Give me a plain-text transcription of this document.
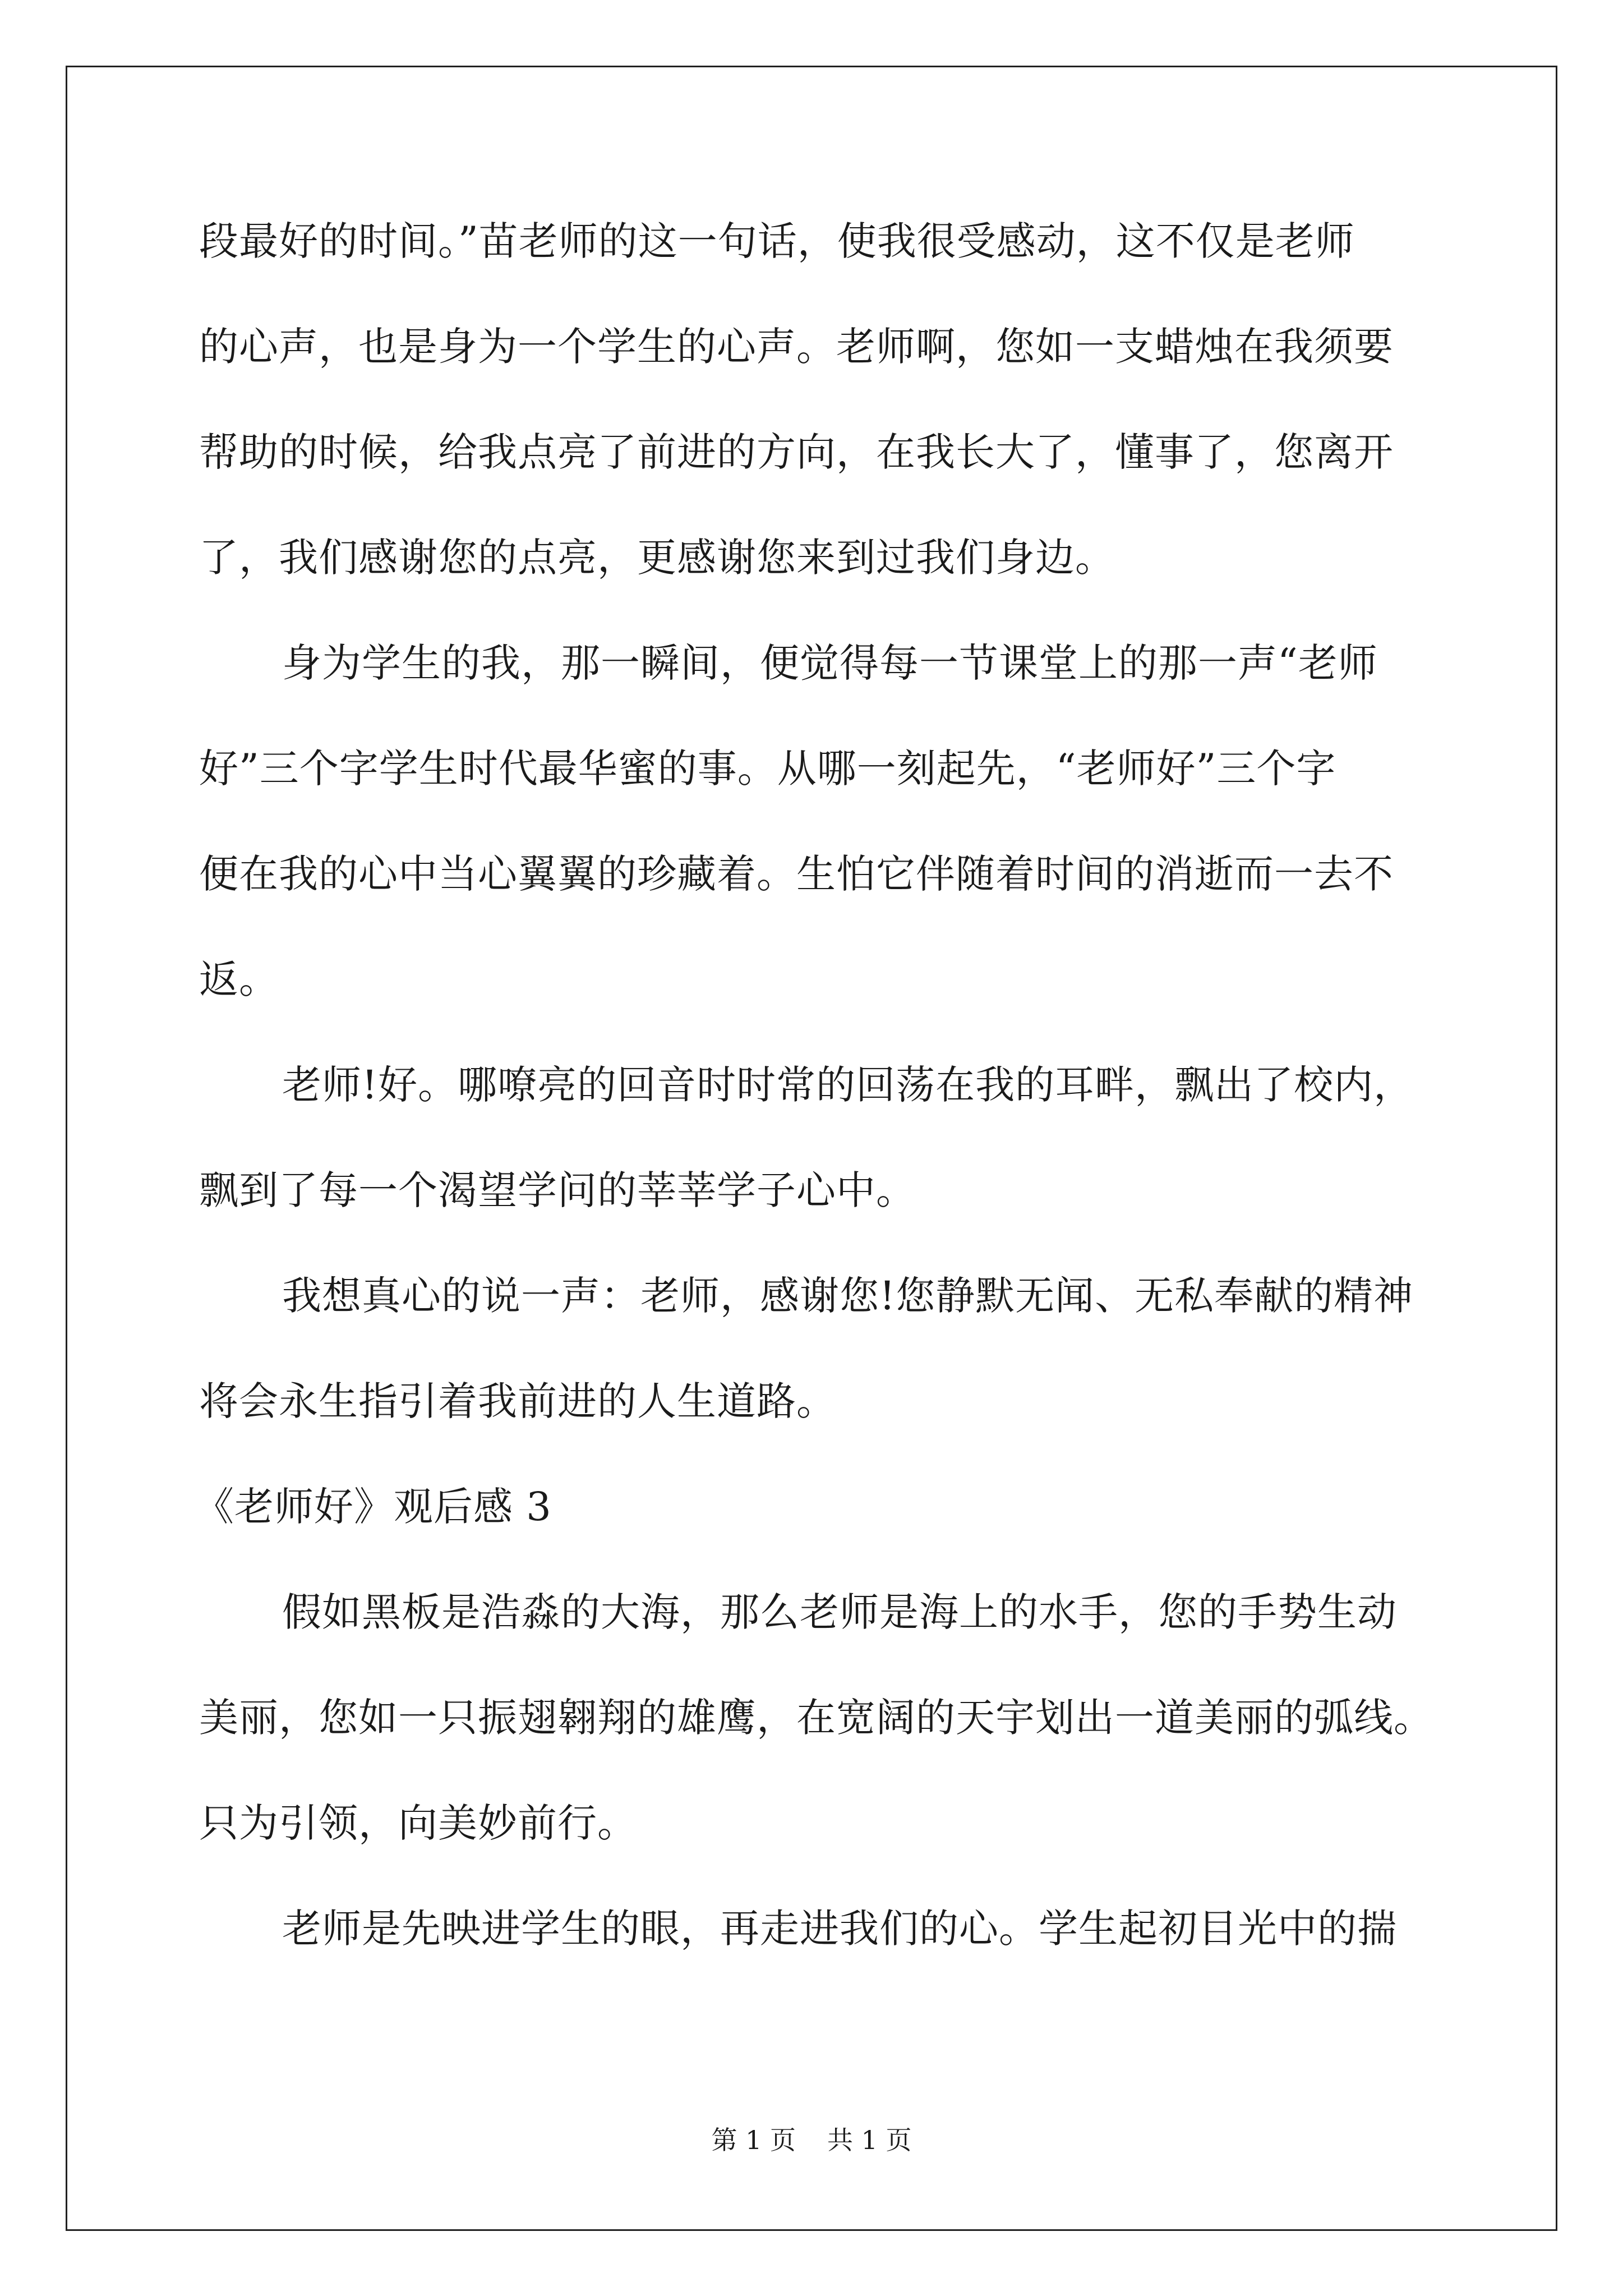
段最好的时间。”苗老师的这一句话，使我很受感动，这不仅是老师
的心声，也是身为一个学生的心声。老师啊，您如一支蜡烛在我须要
帮助的时候，给我点亮了前进的方向，在我长大了，懂事了，您离开
了，我们感谢您的点亮，更感谢您来到过我们身边。
身为学生的我，那一瞬间，便觉得每一节课堂上的那一声“老师
好”三个字学生时代最华蜜的事。从哪一刻起先，“老师好”三个字
便在我的心中当心翼翼的珍藏着。生怕它伴随着时间的消逝而一去不
返。
老师!好。哪嘹亮的回音时时常的回荡在我的耳畔，飘出了校内，
飘到了每一个渴望学问的莘莘学子心中。
我想真心的说一声：老师，感谢您!您静默无闻、无私奉献的精神
将会永生指引着我前进的人生道路。
《老师好》观后感 3
假如黑板是浩淼的大海，那么老师是海上的水手，您的手势生动
美丽，您如一只振翅翱翔的雄鹰，在宽阔的天宇划出一道美丽的弧线。
只为引领，向美妙前行。
老师是先映进学生的眼，再走进我们的心。学生起初目光中的揣
第 1 页 共 1 页
